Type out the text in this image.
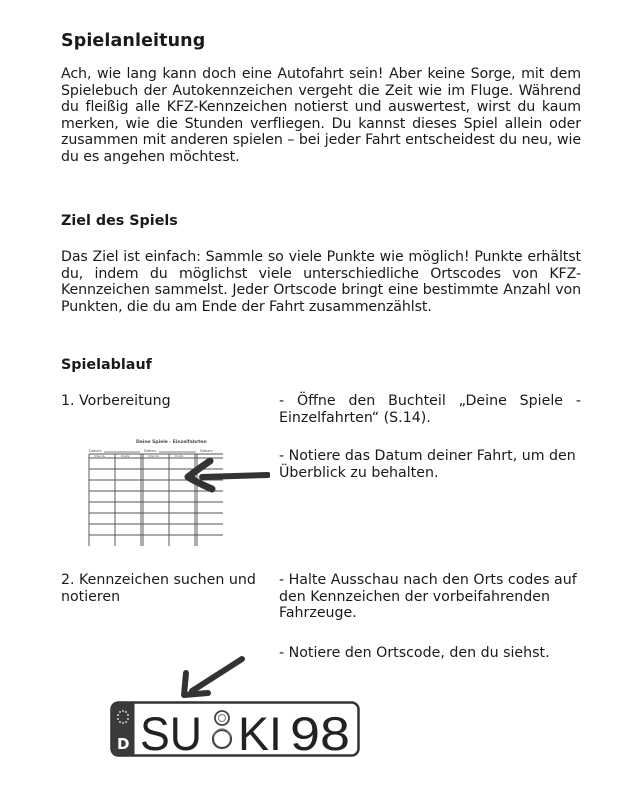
Spielanleitung

Ach, wie lang kann doch eine Autofahrt sein! Aber keine Sorge, mit dem Spielebuch der Autokennzeichen vergeht die Zeit wie im Fluge. Während du fleißig alle KFZ-Kennzeichen notierst und auswertest, wirst du kaum merken, wie die Stunden verfliegen. Du kannst dieses Spiel allein oder zusammen mit anderen spielen – bei jeder Fahrt entscheidest du neu, wie du es angehen möchtest.

Ziel des Spiels

Das Ziel ist einfach: Sammle so viele Punkte wie möglich! Punkte erhältst du, indem du möglichst viele unterschiedliche Ortscodes von KFZ-Kennzeichen sammelst. Jeder Ortscode bringt eine bestimmte Anzahl von Punkten, die du am Ende der Fahrt zusammenzählst.

Spielablauf

1. Vorbereitung	- Öffne den Buchteil „Deine Spiele - Einzelfahrten“ (S.14).

- Notiere das Datum deiner Fahrt, um den Überblick zu behalten.

Deine Spiele - Einzelfahrten
Datum:	Datum:	Datum:
Ortscode	Punkte	Ortscode	Punkte

2. Kennzeichen suchen und notieren

- Halte Ausschau nach den Orts codes auf den Kennzeichen der vorbeifahrenden Fahrzeuge.

- Notiere den Ortscode, den du siehst.

D SU KI 98
